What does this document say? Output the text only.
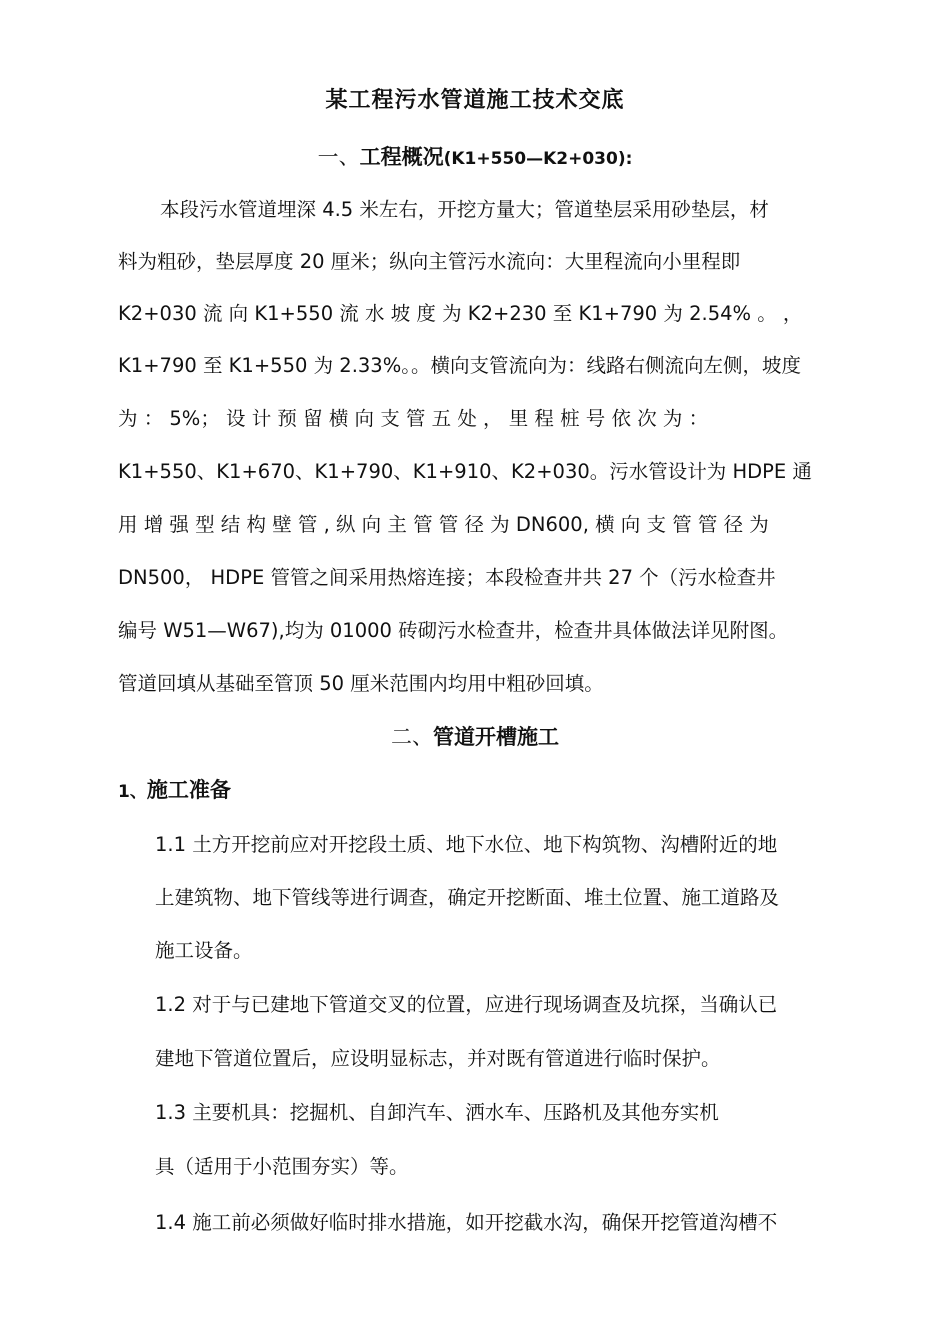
某工程污水管道施工技术交底
一、工程概况(K1+550—K2+030):
本段污水管道埋深 4.5 米左右，开挖方量大；管道垫层采用砂垫层，材
料为粗砂，垫层厚度 20 厘米；纵向主管污水流向：大里程流向小里程即
K2+030 流 向 K1+550 流 水 坡 度 为 K2+230 至 K1+790 为 2.54% 。 ，
K1+790 至 K1+550 为 2.33%。。横向支管流向为：线路右侧流向左侧，坡度
为 ： 5%； 设 计 预 留 横 向 支 管 五 处 ， 里 程 桩 号 依 次 为 ：
K1+550、K1+670、K1+790、K1+910、K2+030。污水管设计为 HDPE 通
用 增 强 型 结 构 壁 管 , 纵 向 主 管 管 径 为 DN600, 横 向 支 管 管 径 为
DN500， HDPE 管管之间采用热熔连接；本段检查井共 27 个（污水检查井
编号 W51—W67),均为 01000 砖砌污水检查井，检查井具体做法详见附图。
管道回填从基础至管顶 50 厘米范围内均用中粗砂回填。
二、管道开槽施工
1、施工准备
1.1 土方开挖前应对开挖段土质、地下水位、地下构筑物、沟槽附近的地
上建筑物、地下管线等进行调查，确定开挖断面、堆土位置、施工道路及
施工设备。
1.2 对于与已建地下管道交叉的位置，应进行现场调查及坑探，当确认已
建地下管道位置后，应设明显标志，并对既有管道进行临时保护。
1.3 主要机具：挖掘机、自卸汽车、洒水车、压路机及其他夯实机
具（适用于小范围夯实）等。
1.4 施工前必须做好临时排水措施，如开挖截水沟，确保开挖管道沟槽不
